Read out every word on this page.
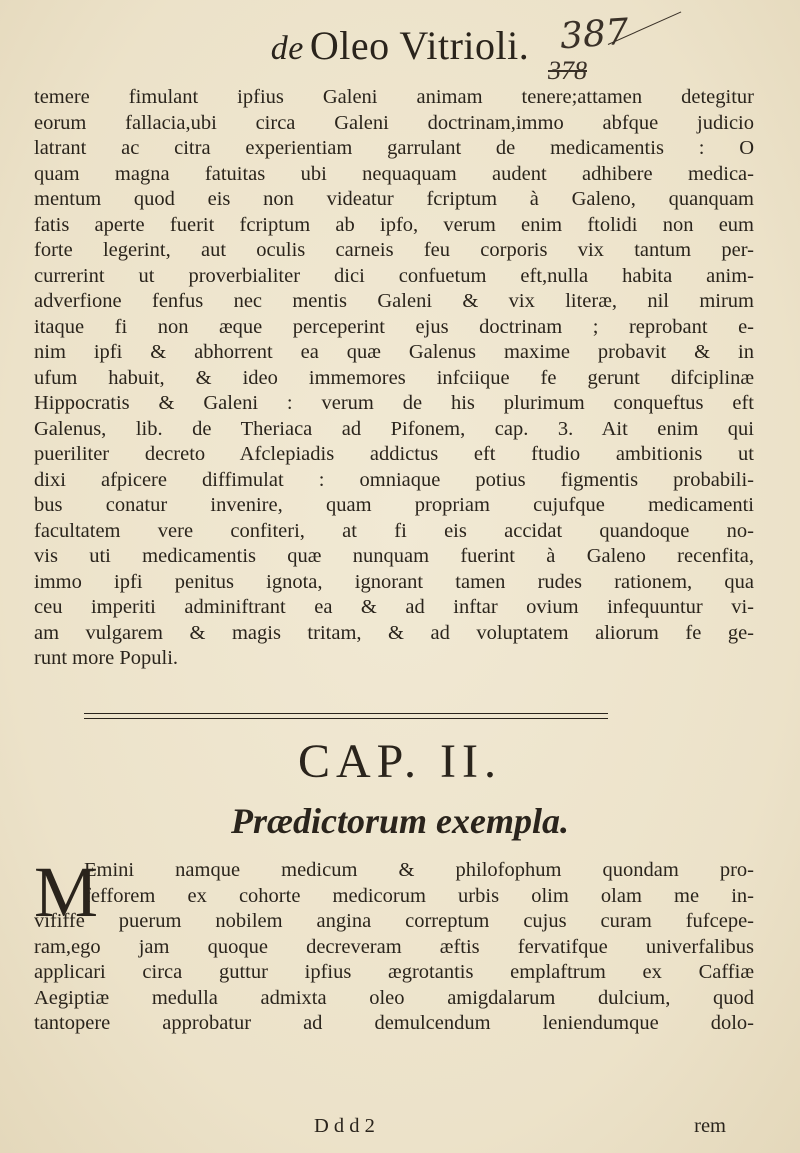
de Oleo Vitrioli. 387
378
temere fimulant ipfius Galeni animam tenere;attamen detegitur
eorum fallacia,ubi circa Galeni doctrinam,immo abfque judicio
latrant ac citra experientiam garrulant de medicamentis : O
quam magna fatuitas ubi nequaquam audent adhibere medica-
mentum quod eis non videatur fcriptum à Galeno, quanquam
fatis aperte fuerit fcriptum ab ipfo, verum enim ftolidi non eum
forte legerint, aut oculis carneis feu corporis vix tantum per-
currerint ut proverbialiter dici confuetum eft,nulla habita anim-
adverfione fenfus nec mentis Galeni & vix literæ, nil mirum
itaque fi non æque perceperint ejus doctrinam ; reprobant e-
nim ipfi & abhorrent ea quæ Galenus maxime probavit & in
ufum habuit, & ideo immemores infciique fe gerunt difciplinæ
Hippocratis & Galeni : verum de his plurimum conqueftus eft
Galenus, lib. de Theriaca ad Pifonem, cap. 3. Ait enim qui
pueriliter decreto Afclepiadis addictus eft ftudio ambitionis ut
dixi afpicere diffimulat : omniaque potius figmentis probabili-
bus conatur invenire, quam propriam cujufque medicamenti
facultatem vere confiteri, at fi eis accidat quandoque no-
vis uti medicamentis quæ nunquam fuerint à Galeno recenfita,
immo ipfi penitus ignota, ignorant tamen rudes rationem, qua
ceu imperiti adminiftrant ea & ad inftar ovium infequuntur vi-
am vulgarem & magis tritam, & ad voluptatem aliorum fe ge-
runt more Populi.
CAP. II.
Prædictorum exempla.
M
Emini namque medicum & philofophum quondam pro-
fefforem ex cohorte medicorum urbis olim olam me in-
vififfe puerum nobilem angina correptum cujus curam fufcepe-
ram,ego jam quoque decreveram æftis fervatifque univerfalibus
applicari circa guttur ipfius ægrotantis emplaftrum ex Caffiæ
Aegiptiæ medulla admixta oleo amigdalarum dulcium, quod
tantopere approbatur ad demulcendum leniendumque dolo-
D d d 2	rem
